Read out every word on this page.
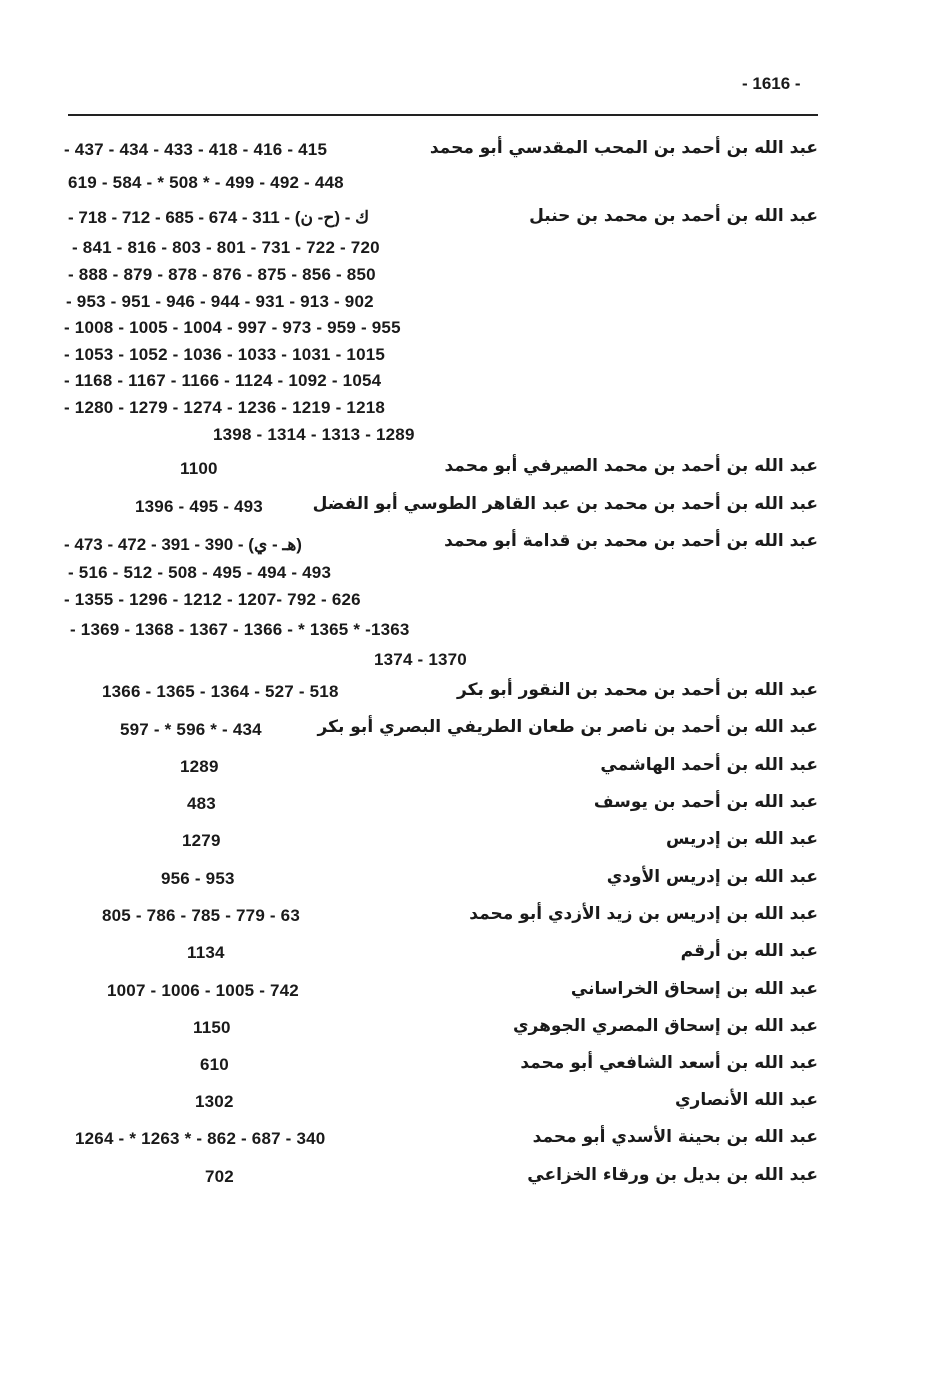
- 1616 -
عبد الله بن أحمد بن المحب المقدسي أبو محمد
- 437 - 434 - 433 - 418 - 416 - 415
619 - 584 - * 508 * - 499 - 492 - 448
عبد الله بن أحمد بن محمد بن حنبل
- 718 - 712 - 685 - 674 - 311 - (ح- ن) - ك
- 841 - 816 - 803 - 801 - 731 - 722 - 720
- 888 - 879 - 878 - 876 - 875 - 856 - 850
- 953 - 951 - 946 - 944 - 931 - 913 - 902
- 1008 - 1005 - 1004 - 997 - 973 - 959 - 955
- 1053 - 1052 - 1036 - 1033 - 1031 - 1015
- 1168 - 1167 - 1166 - 1124 - 1092 - 1054
- 1280 - 1279 - 1274 - 1236 - 1219 - 1218
1398 - 1314 - 1313 - 1289
عبد الله بن أحمد بن محمد الصيرفي أبو محمد
1100
عبد الله بن أحمد بن محمد بن عبد القاهر الطوسي أبو الفضل
1396 - 495 - 493
عبد الله بن أحمد بن محمد بن قدامة أبو محمد
- 473 - 472 - 391 - 390 - (هـ - ي)
- 516 - 512 - 508 - 495 - 494 - 493
- 1355 - 1296 - 1212 - 1207- 792 - 626
- 1369 - 1368 - 1367 - 1366 - * 1365 * -1363
1374 - 1370
عبد الله بن أحمد بن محمد بن النقور أبو بكر
1366 - 1365 - 1364 - 527 - 518
عبد الله بن أحمد بن ناصر بن طعان الطريفي البصري أبو بكر
597 - * 596 * - 434
عبد الله بن أحمد الهاشمي
1289
عبد الله بن أحمد بن يوسف
483
عبد الله بن إدريس
1279
عبد الله بن إدريس الأودي
956 - 953
عبد الله بن إدريس بن زيد الأزدي أبو محمد
805 - 786 - 785 - 779 - 63
عبد الله بن أرقم
1134
عبد الله بن إسحاق الخراساني
1007 - 1006 - 1005 - 742
عبد الله بن إسحاق المصري الجوهري
1150
عبد الله بن أسعد الشافعي أبو محمد
610
عبد الله الأنصاري
1302
عبد الله بن بحينة الأسدي أبو محمد
1264 - * 1263 * - 862 - 687 - 340
عبد الله بن بديل بن ورقاء الخزاعي
702
